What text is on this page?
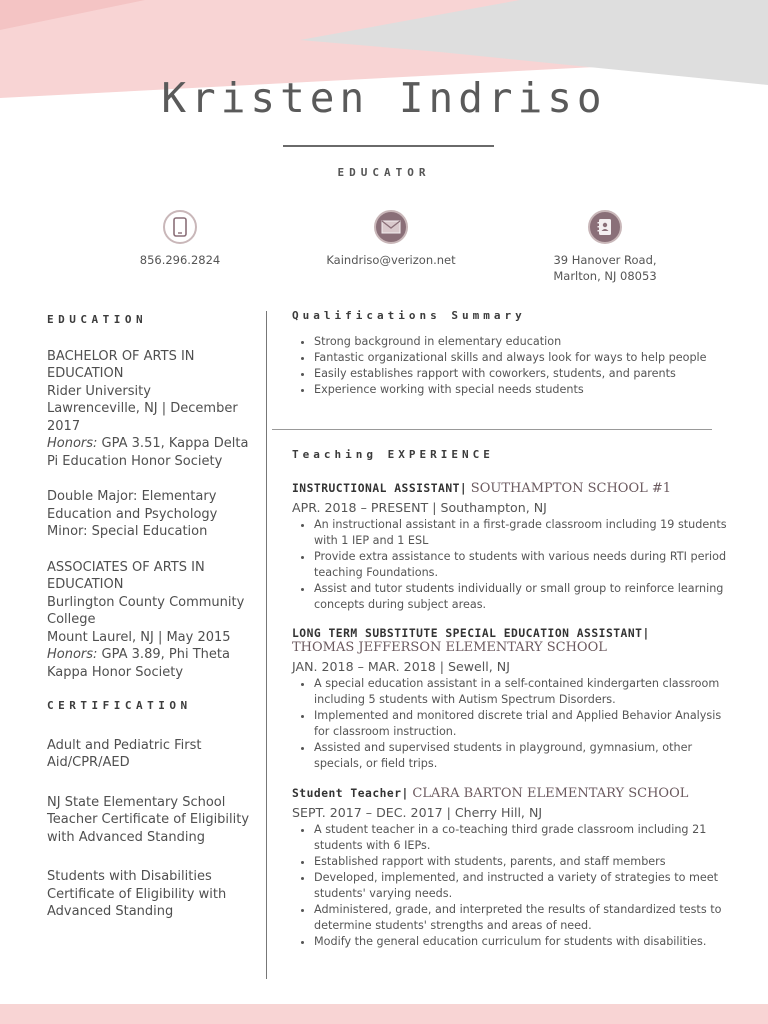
Kristen Indriso
EDUCATOR
856.296.2824	Kaindriso@verizon.net	39 Hanover Road,
Marlton, NJ 08053
EDUCATION

BACHELOR OF ARTS IN EDUCATION

Rider University

Lawrenceville, NJ | December 2017

Honors: GPA 3.51, Kappa Delta Pi Education Honor Society

Double Major: Elementary Education and Psychology

Minor: Special Education

ASSOCIATES OF ARTS IN EDUCATION

Burlington County Community College

Mount Laurel, NJ | May 2015

Honors: GPA 3.89, Phi Theta Kappa Honor Society

CERTIFICATION

Adult and Pediatric First Aid/CPR/AED

NJ State Elementary School Teacher Certificate of Eligibility with Advanced Standing

Students with Disabilities Certificate of Eligibility with Advanced Standing

Qualifications Summary
• Strong background in elementary education
• Fantastic organizational skills and always look for ways to help people
• Easily establishes rapport with coworkers, students, and parents
• Experience working with special needs students
Teaching EXPERIENCE
INSTRUCTIONAL ASSISTANT| SOUTHAMPTON SCHOOL #1
APR. 2018 – PRESENT | Southampton, NJ
• An instructional assistant in a first-grade classroom including 19 students with 1 IEP and 1 ESL
• Provide extra assistance to students with various needs during RTI period teaching Foundations.
• Assist and tutor students individually or small group to reinforce learning concepts during subject areas.
LONG TERM SUBSTITUTE SPECIAL EDUCATION ASSISTANT|
THOMAS JEFFERSON ELEMENTARY SCHOOL
JAN. 2018 – MAR. 2018 | Sewell, NJ
• A special education assistant in a self-contained kindergarten classroom including 5 students with Autism Spectrum Disorders.
• Implemented and monitored discrete trial and Applied Behavior Analysis for classroom instruction.
• Assisted and supervised students in playground, gymnasium, other specials, or field trips.
Student Teacher| CLARA BARTON ELEMENTARY SCHOOL
SEPT. 2017 – DEC. 2017 | Cherry Hill, NJ
• A student teacher in a co-teaching third grade classroom including 21 students with 6 IEPs.
• Established rapport with students, parents, and staff members
• Developed, implemented, and instructed a variety of strategies to meet students' varying needs.
• Administered, grade, and interpreted the results of standardized tests to determine students' strengths and areas of need.
• Modify the general education curriculum for students with disabilities.
